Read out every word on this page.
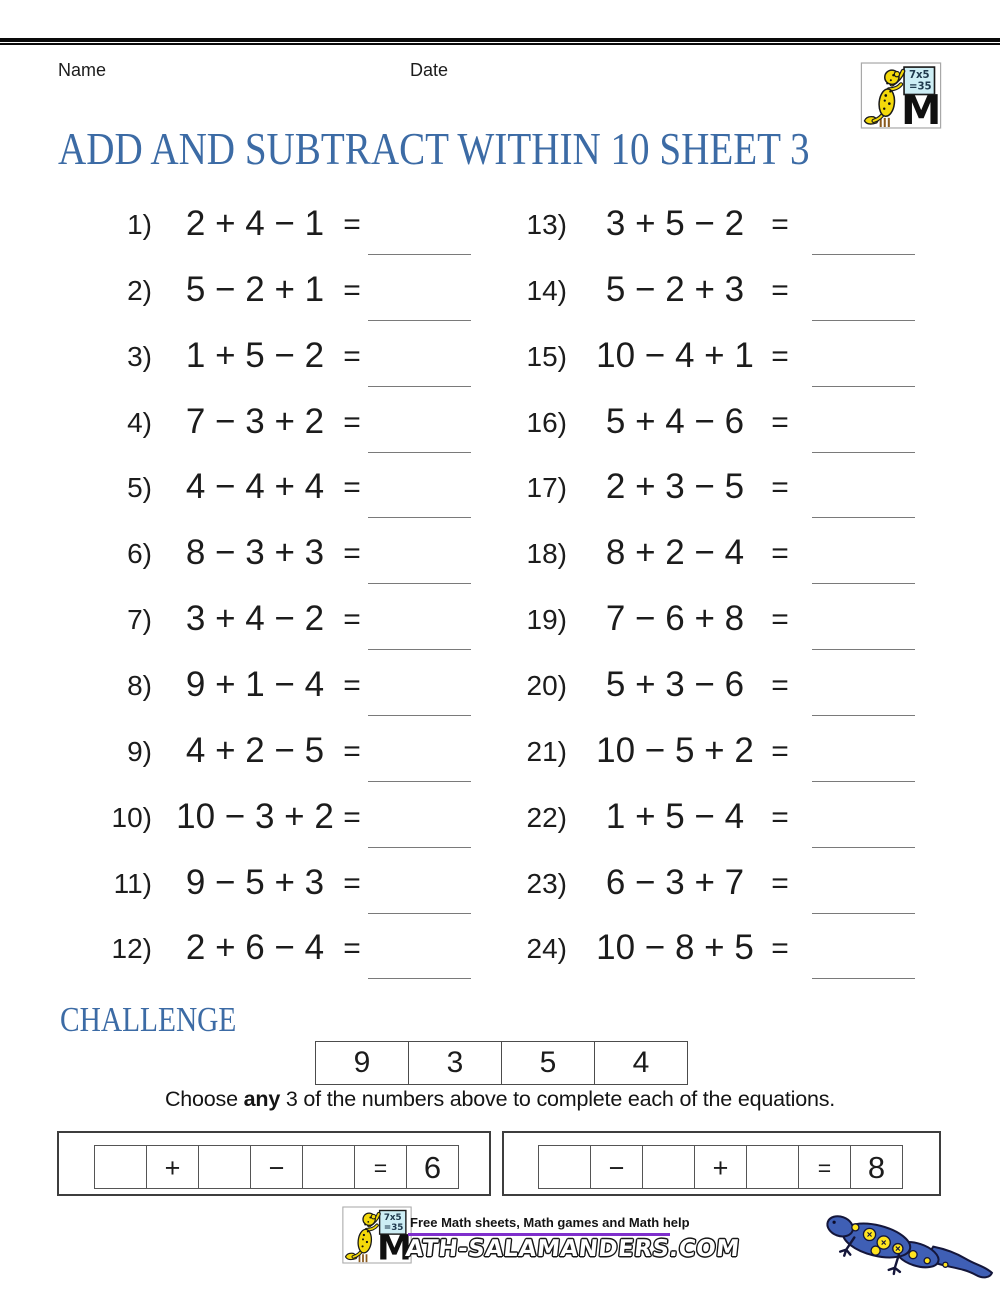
Name	Date
ADD AND SUBTRACT WITHIN 10 SHEET 3
1) 2 + 4 − 1 =
2) 5 − 2 + 1 =
3) 1 + 5 − 2 =
4) 7 − 3 + 2 =
5) 4 − 4 + 4 =
6) 8 − 3 + 3 =
7) 3 + 4 − 2 =
8) 9 + 1 − 4 =
9) 4 + 2 − 5 =
10) 10 − 3 + 2 =
11) 9 − 5 + 3 =
12) 2 + 6 − 4 =
13)	3 + 5 − 2 =
14)	5 − 2 + 3 =
15) 10 − 4 + 1 =
16)	5 + 4 − 6 =
17)	2 + 3 − 5 =
18)	8 + 2 − 4 =
19)	7 − 6 + 8 =
20)	5 + 3 − 6 =
21) 10 − 5 + 2 =
22)	1 + 5 − 4 =
23)	6 − 3 + 7 =
24) 10 − 8 + 5 =
CHALLENGE
9	3	5	4
Choose any 3 of the numbers above to complete each of the equations.
+	−	=	6	−	+	=	8
Free Math sheets, Math games and Math help
ATH-SALAMANDERS.COM
